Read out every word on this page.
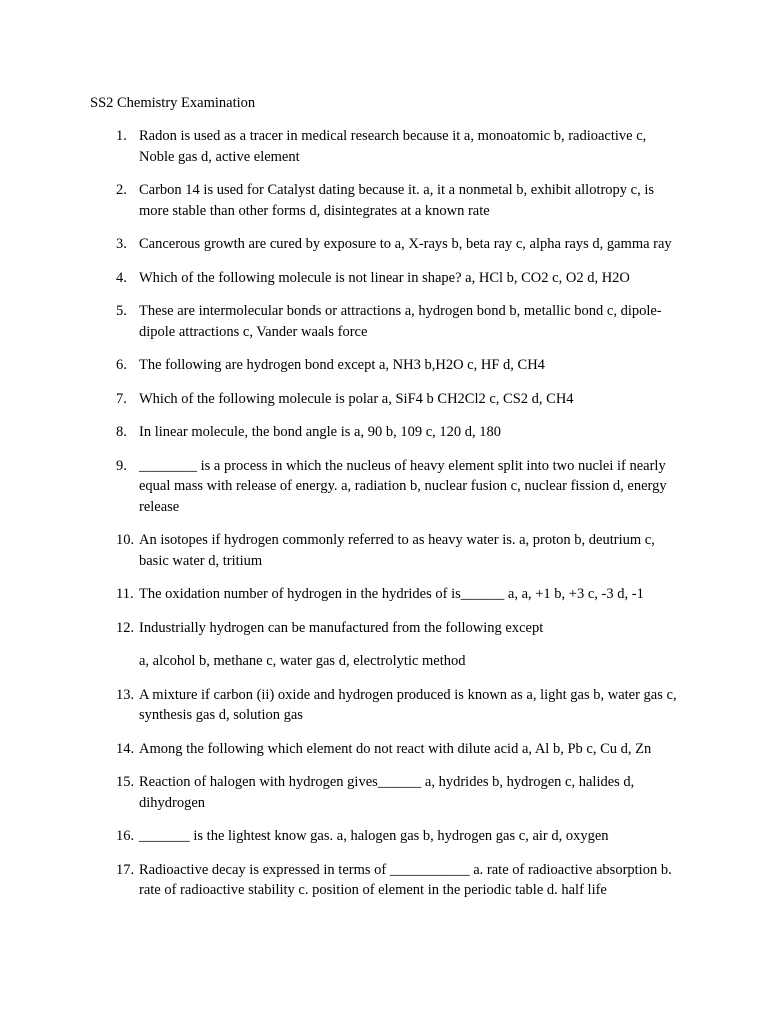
SS2 Chemistry Examination
1. Radon is used as a tracer in medical research because it a, monoatomic b, radioactive c, Noble gas d, active element
2. Carbon 14 is used for Catalyst dating because it. a, it a nonmetal b, exhibit allotropy c, is more stable than other forms d, disintegrates at a known rate
3. Cancerous growth are cured by exposure to a, X-rays b, beta ray c, alpha rays d, gamma ray
4. Which of the following molecule is not linear in shape? a, HCl b, CO2 c, O2 d, H2O
5. These are intermolecular bonds or attractions a, hydrogen bond b, metallic bond c, dipole-dipole attractions c, Vander waals force
6. The following are hydrogen bond except a, NH3 b,H2O c, HF d, CH4
7. Which of the following molecule is polar a, SiF4 b CH2Cl2 c, CS2 d, CH4
8. In linear molecule, the bond angle is a, 90 b, 109 c, 120 d, 180
9. ________ is a process in which the nucleus of heavy element split into two nuclei if nearly equal mass with release of energy. a, radiation b, nuclear fusion c, nuclear fission d, energy release
10. An isotopes if hydrogen commonly referred to as heavy water is. a, proton b, deutrium c, basic water d, tritium
11. The oxidation number of hydrogen in the hydrides of is______ a, a, +1 b, +3 c, -3 d, -1
12. Industrially hydrogen can be manufactured from the following except
a, alcohol b, methane c, water gas d, electrolytic method
13. A mixture if carbon (ii) oxide and hydrogen produced is known as a, light gas b, water gas c, synthesis gas d, solution gas
14. Among the following which element do not react with dilute acid a, Al b, Pb c, Cu d, Zn
15. Reaction of halogen with hydrogen gives______ a, hydrides b, hydrogen c, halides d, dihydrogen
16. _______ is the lightest know gas. a, halogen gas b, hydrogen gas c, air d, oxygen
17. Radioactive decay is expressed in terms of ___________ a. rate of radioactive absorption b. rate of radioactive stability c. position of element in the periodic table d. half life
